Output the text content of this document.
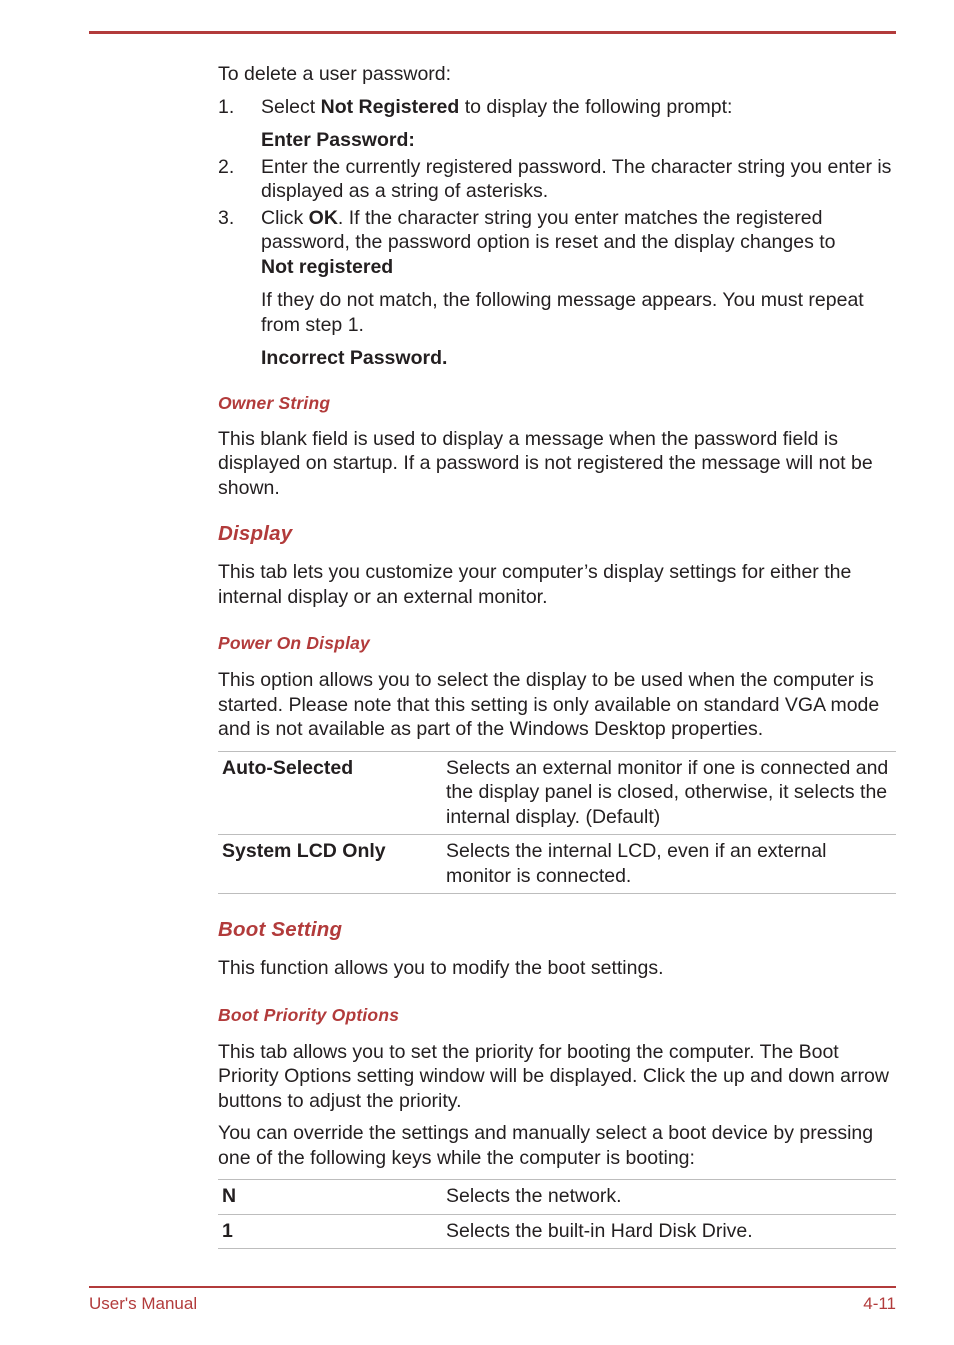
To delete a user password:

1. Select Not Registered to display the following prompt:

Enter Password:

2. Enter the currently registered password. The character string you enter is displayed as a string of asterisks.
3. Click OK. If the character string you enter matches the registered password, the password option is reset and the display changes to
Not registered

If they do not match, the following message appears. You must repeat from step 1.

Incorrect Password.

Owner String

This blank field is used to display a message when the password field is displayed on startup. If a password is not registered the message will not be shown.

Display

This tab lets you customize your computer’s display settings for either the internal display or an external monitor.

Power On Display

This option allows you to select the display to be used when the computer is started. Please note that this setting is only available on standard VGA mode and is not available as part of the Windows Desktop properties.

Auto-Selected	Selects an external monitor if one is connected and the display panel is closed, otherwise, it selects the internal display. (Default)
System LCD Only	Selects the internal LCD, even if an external monitor is connected.

Boot Setting

This function allows you to modify the boot settings.

Boot Priority Options

This tab allows you to set the priority for booting the computer. The Boot Priority Options setting window will be displayed. Click the up and down arrow buttons to adjust the priority.

You can override the settings and manually select a boot device by pressing one of the following keys while the computer is booting:

N	Selects the network.
1	Selects the built-in Hard Disk Drive.
User's Manual	4-11
